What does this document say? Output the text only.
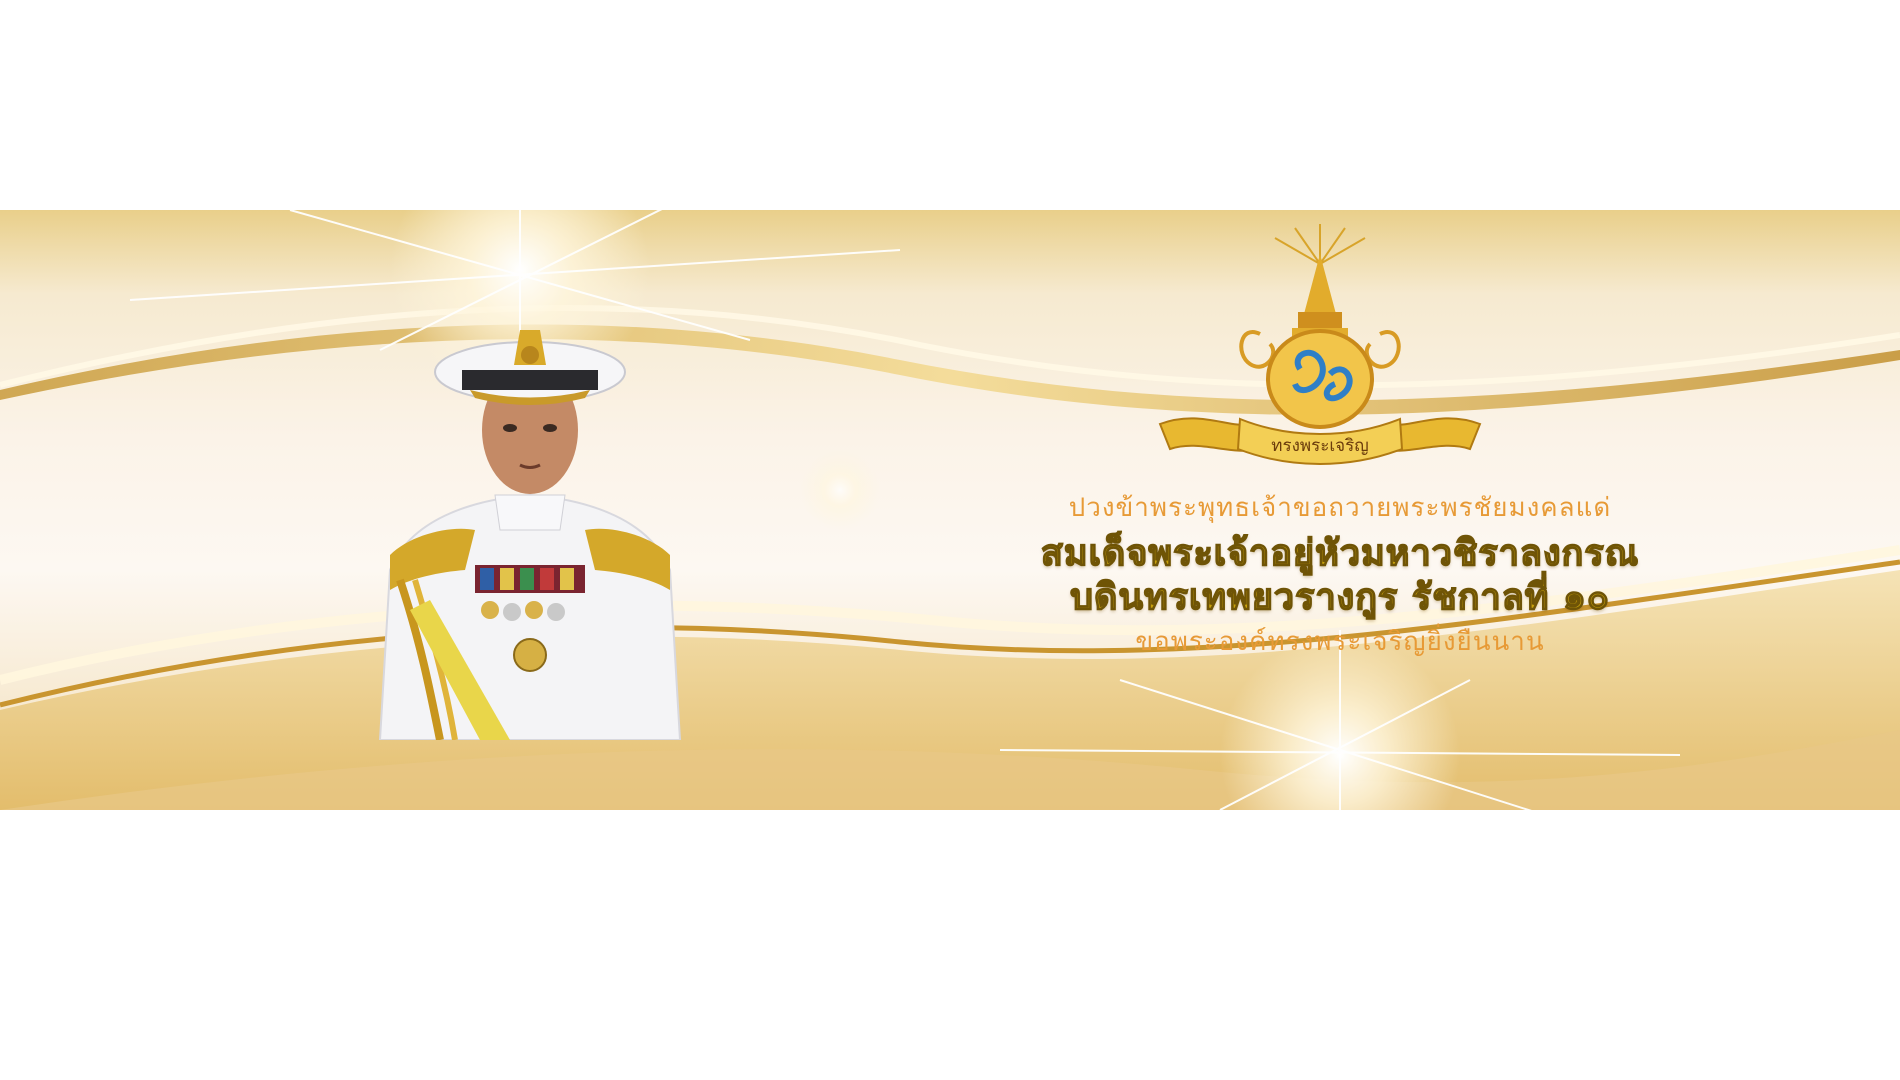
ทรงพระเจริญ
ปวงข้าพระพุทธเจ้าขอถวายพระพรชัยมงคลแด่
สมเด็จพระเจ้าอยู่หัวมหาวชิราลงกรณ
บดินทรเทพยวรางกูร รัชกาลที่ ๑๐
ขอพระองค์ทรงพระเจริญยิ่งยืนนาน
